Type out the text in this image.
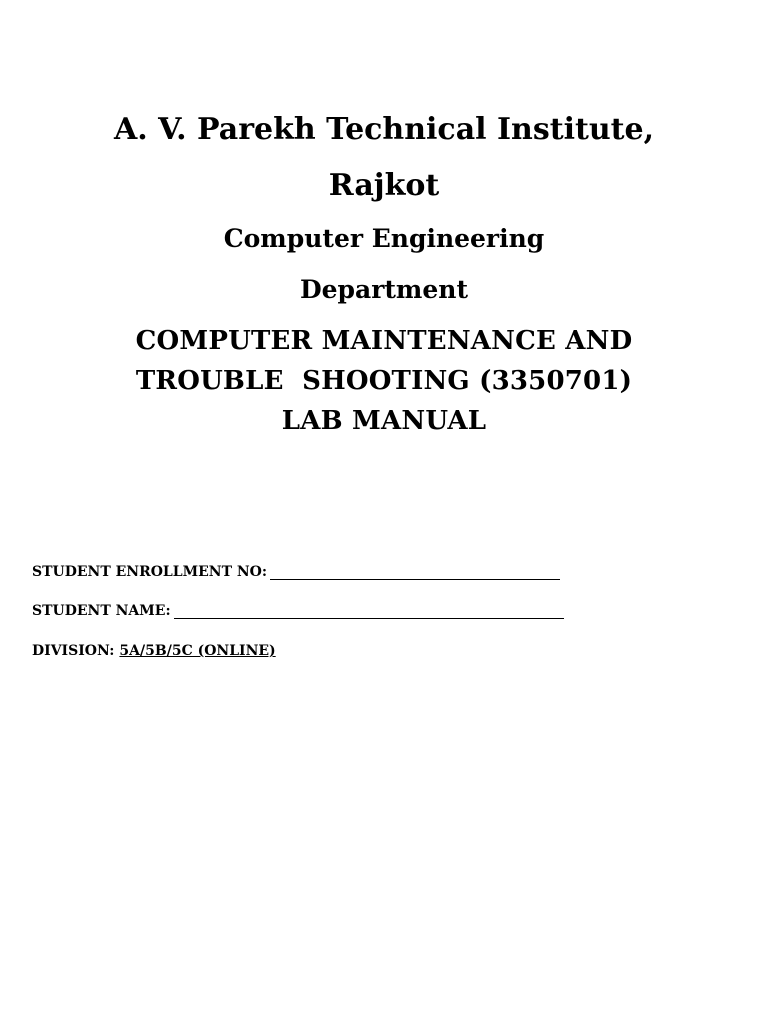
A. V. Parekh Technical Institute,
Rajkot
Computer Engineering
Department
COMPUTER MAINTENANCE AND
TROUBLE  SHOOTING (3350701)
LAB MANUAL
STUDENT ENROLLMENT NO:
STUDENT NAME:
DIVISION: 5A/5B/5C (ONLINE)
